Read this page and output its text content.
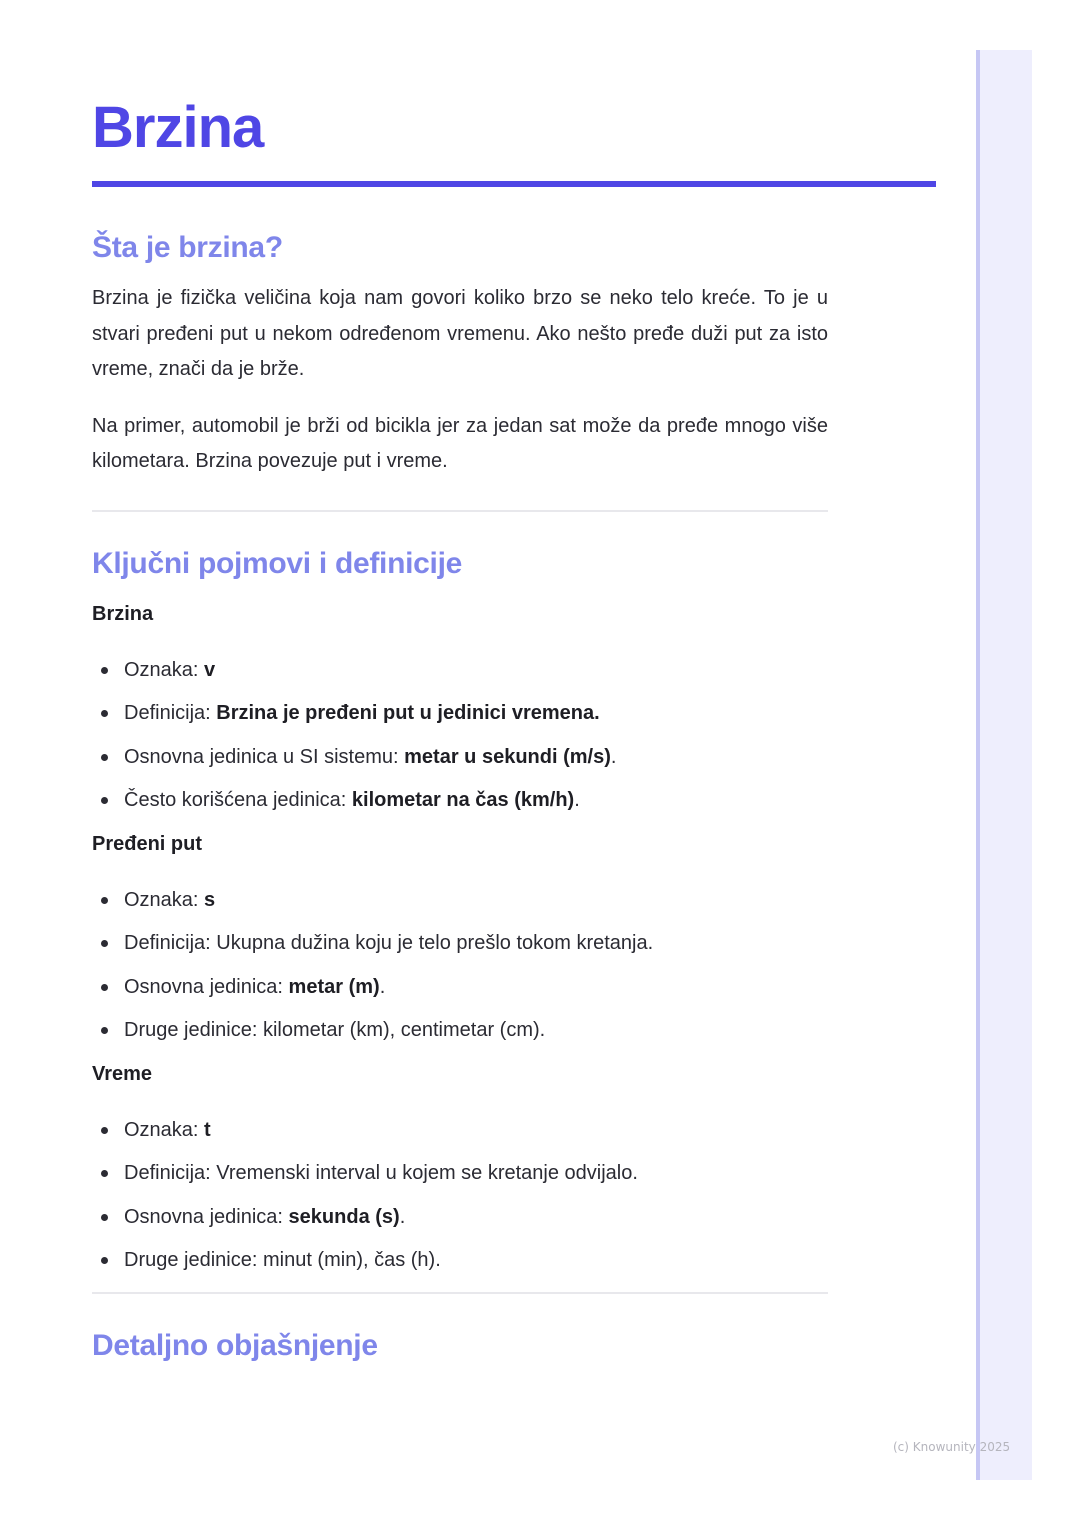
Brzina
Šta je brzina?

Brzina je fizička veličina koja nam govori koliko brzo se neko telo kreće. To je u stvari pređeni put u nekom određenom vremenu. Ako nešto pređe duži put za isto vreme, znači da je brže.

Na primer, automobil je brži od bicikla jer za jedan sat može da pređe mnogo više kilometara. Brzina povezuje put i vreme.

Ključni pojmovi i definicije
Brzina
Oznaka: v
Definicija: Brzina je pređeni put u jedinici vremena.
Osnovna jedinica u SI sistemu: metar u sekundi (m/s).
Često korišćena jedinica: kilometar na čas (km/h).
Pređeni put
Oznaka: s
Definicija: Ukupna dužina koju je telo prešlo tokom kretanja.
Osnovna jedinica: metar (m).
Druge jedinice: kilometar (km), centimetar (cm).
Vreme
Oznaka: t
Definicija: Vremenski interval u kojem se kretanje odvijalo.
Osnovna jedinica: sekunda (s).
Druge jedinice: minut (min), čas (h).
Detaljno objašnjenje
(c) Knowunity 2025
